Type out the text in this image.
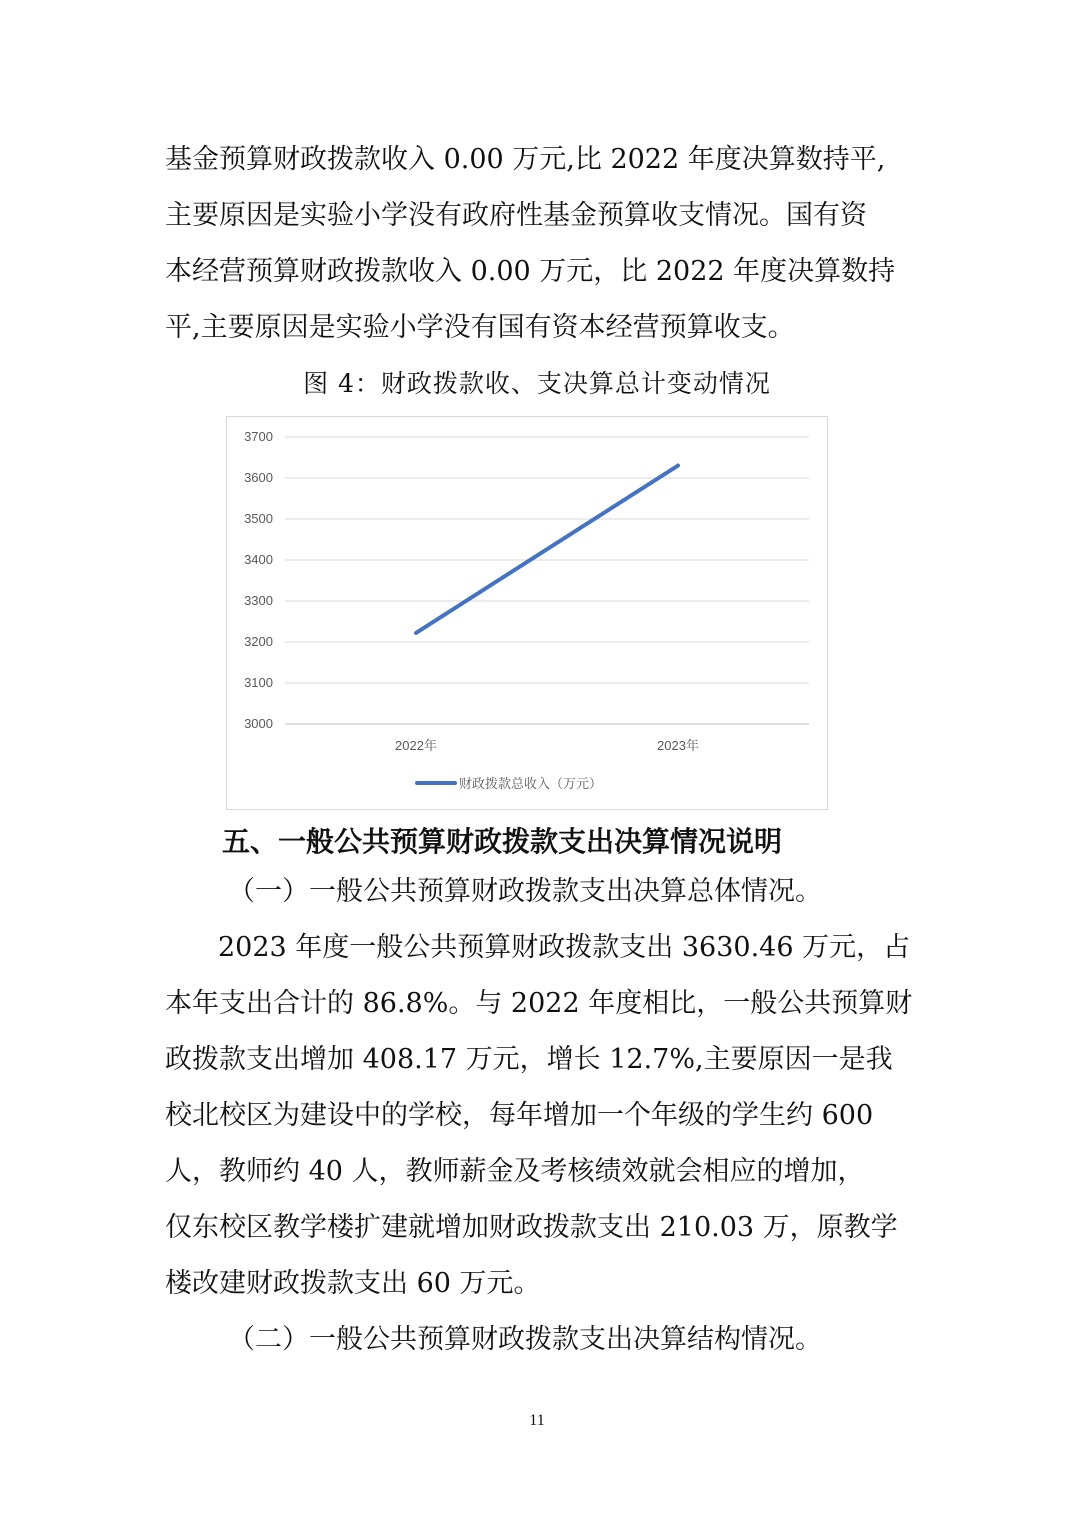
基金预算财政拨款收入 0.00 万元,比 2022 年度决算数持平,
主要原因是实验小学没有政府性基金预算收支情况。国有资
本经营预算财政拨款收入 0.00 万元，比 2022 年度决算数持
平,主要原因是实验小学没有国有资本经营预算收支。
图 4：财政拨款收、支决算总计变动情况
3000
3100
3200
3300
3400
3500
3600
3700
2022年	2023年
财政拨款总收入（万元）
五、一般公共预算财政拨款支出决算情况说明
（一）一般公共预算财政拨款支出决算总体情况。
2023 年度一般公共预算财政拨款支出 3630.46 万元，占
本年支出合计的 86.8%。与 2022 年度相比，一般公共预算财
政拨款支出增加 408.17 万元，增长 12.7%,主要原因一是我
校北校区为建设中的学校，每年增加一个年级的学生约 600
人，教师约 40 人，教师薪金及考核绩效就会相应的增加，
仅东校区教学楼扩建就增加财政拨款支出 210.03 万，原教学
楼改建财政拨款支出 60 万元。
（二）一般公共预算财政拨款支出决算结构情况。
11
